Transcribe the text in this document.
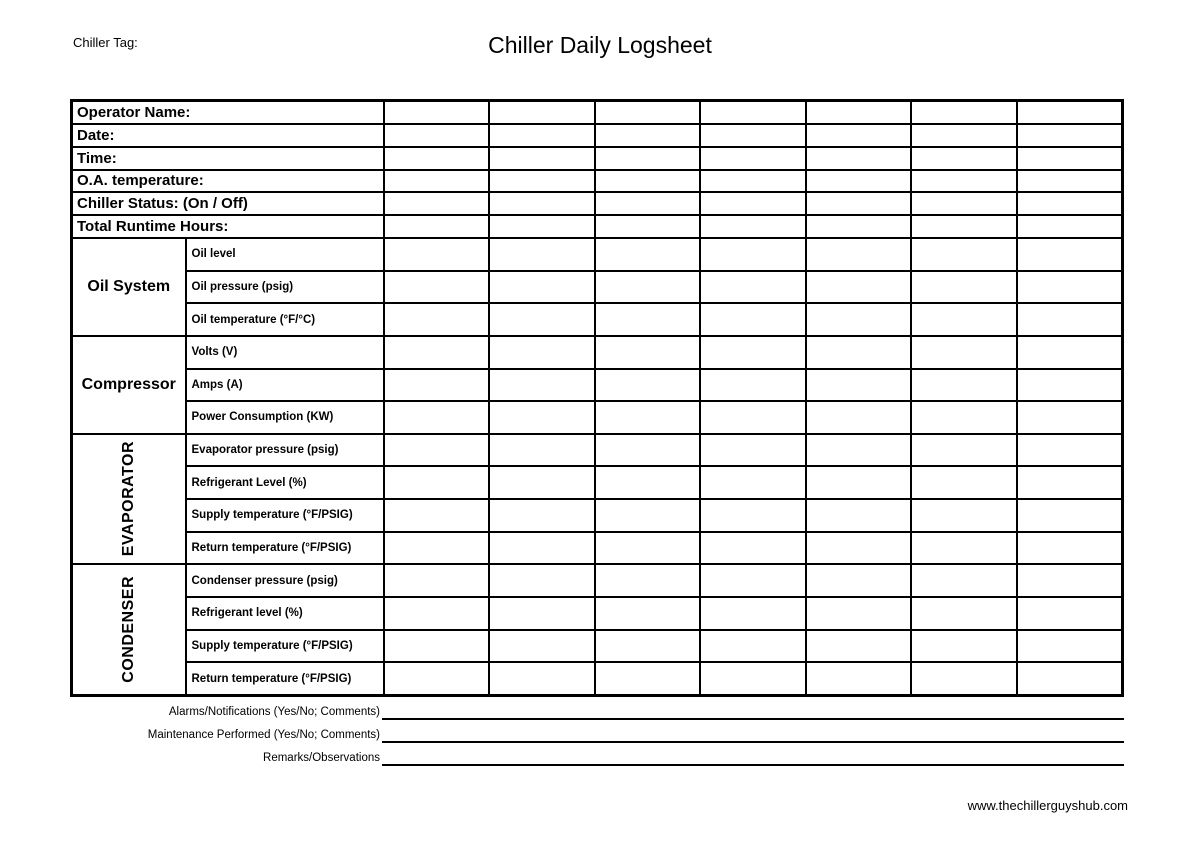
Chiller Tag:	Chiller Daily Logsheet
Operator Name:								
Date:								
Time:								
O.A. temperature:								
Chiller Status: (On / Off)								
Total Runtime Hours:								
Oil System	Oil level							
	Oil pressure (psig)							
	Oil temperature (°F/°C)							
Compressor	Volts (V)							
	Amps (A)							
	Power Consumption (KW)							

EVAPORATOR	Evaporator pressure (psig)							
	Refrigerant Level (%)							
	Supply temperature (°F/PSIG)							
	Return temperature (°F/PSIG)							

CONDENSER	Condenser pressure (psig)							
	Refrigerant level (%)							
	Supply temperature (°F/PSIG)							
	Return temperature (°F/PSIG)							
Alarms/Notifications (Yes/No; Comments)
Maintenance Performed (Yes/No; Comments)
Remarks/Observations
www.thechillerguyshub.com
